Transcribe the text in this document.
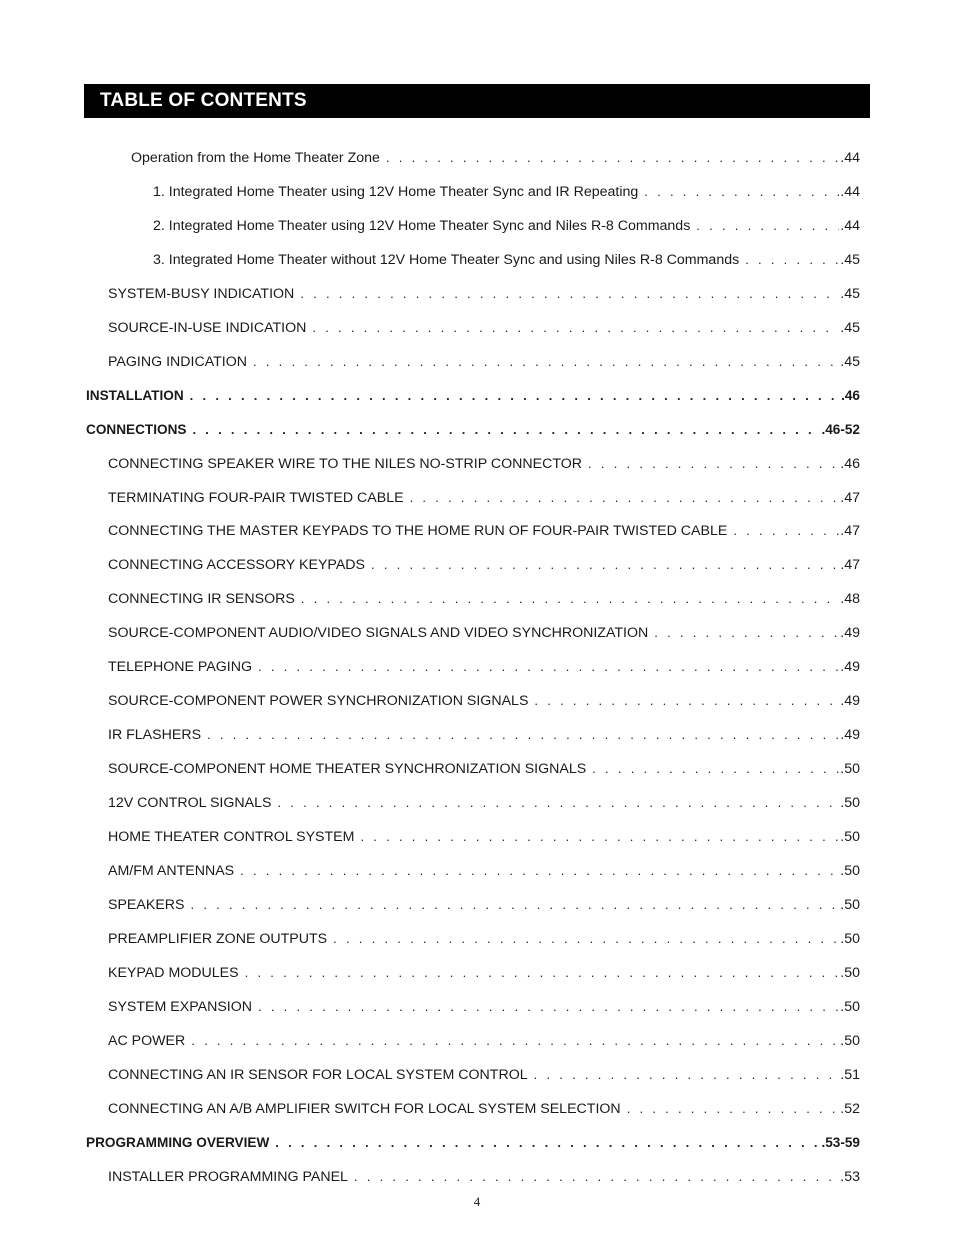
TABLE OF CONTENTS
Operation from the Home Theater Zone . . .	.44
1. Integrated Home Theater using 12V Home Theater Sync and IR Repeating . . .	.44
2. Integrated Home Theater using 12V Home Theater Sync and Niles R-8 Commands . . .	.44
3. Integrated Home Theater without 12V Home Theater Sync and using Niles R-8 Commands . . .	.45
SYSTEM-BUSY INDICATION . . .	.45
SOURCE-IN-USE INDICATION . . .	.45
PAGING INDICATION . . .	.45
INSTALLATION . . .	.46
CONNECTIONS . . .	.46-52
CONNECTING SPEAKER WIRE TO THE NILES NO-STRIP CONNECTOR . . .	.46
TERMINATING FOUR-PAIR TWISTED CABLE . . .	.47
CONNECTING THE MASTER KEYPADS TO THE HOME RUN OF FOUR-PAIR TWISTED CABLE . . .	.47
CONNECTING ACCESSORY KEYPADS . . .	.47
CONNECTING IR SENSORS . . .	.48
SOURCE-COMPONENT AUDIO/VIDEO SIGNALS AND VIDEO SYNCHRONIZATION . . .	.49
TELEPHONE PAGING . . .	.49
SOURCE-COMPONENT POWER SYNCHRONIZATION SIGNALS . . .	.49
IR FLASHERS . . .	.49
SOURCE-COMPONENT HOME THEATER SYNCHRONIZATION SIGNALS . . .	.50
12V CONTROL SIGNALS . . .	.50
HOME THEATER CONTROL SYSTEM . . .	.50
AM/FM ANTENNAS . . .	.50
SPEAKERS . . .	.50
PREAMPLIFIER ZONE OUTPUTS . . .	.50
KEYPAD MODULES . . .	.50
SYSTEM EXPANSION . . .	.50
AC POWER . . .	.50
CONNECTING AN IR SENSOR FOR LOCAL SYSTEM CONTROL . . .	.51
CONNECTING AN A/B AMPLIFIER SWITCH FOR LOCAL SYSTEM SELECTION . . .	.52
PROGRAMMING OVERVIEW . . .	.53-59
INSTALLER PROGRAMMING PANEL . . .	.53
4
